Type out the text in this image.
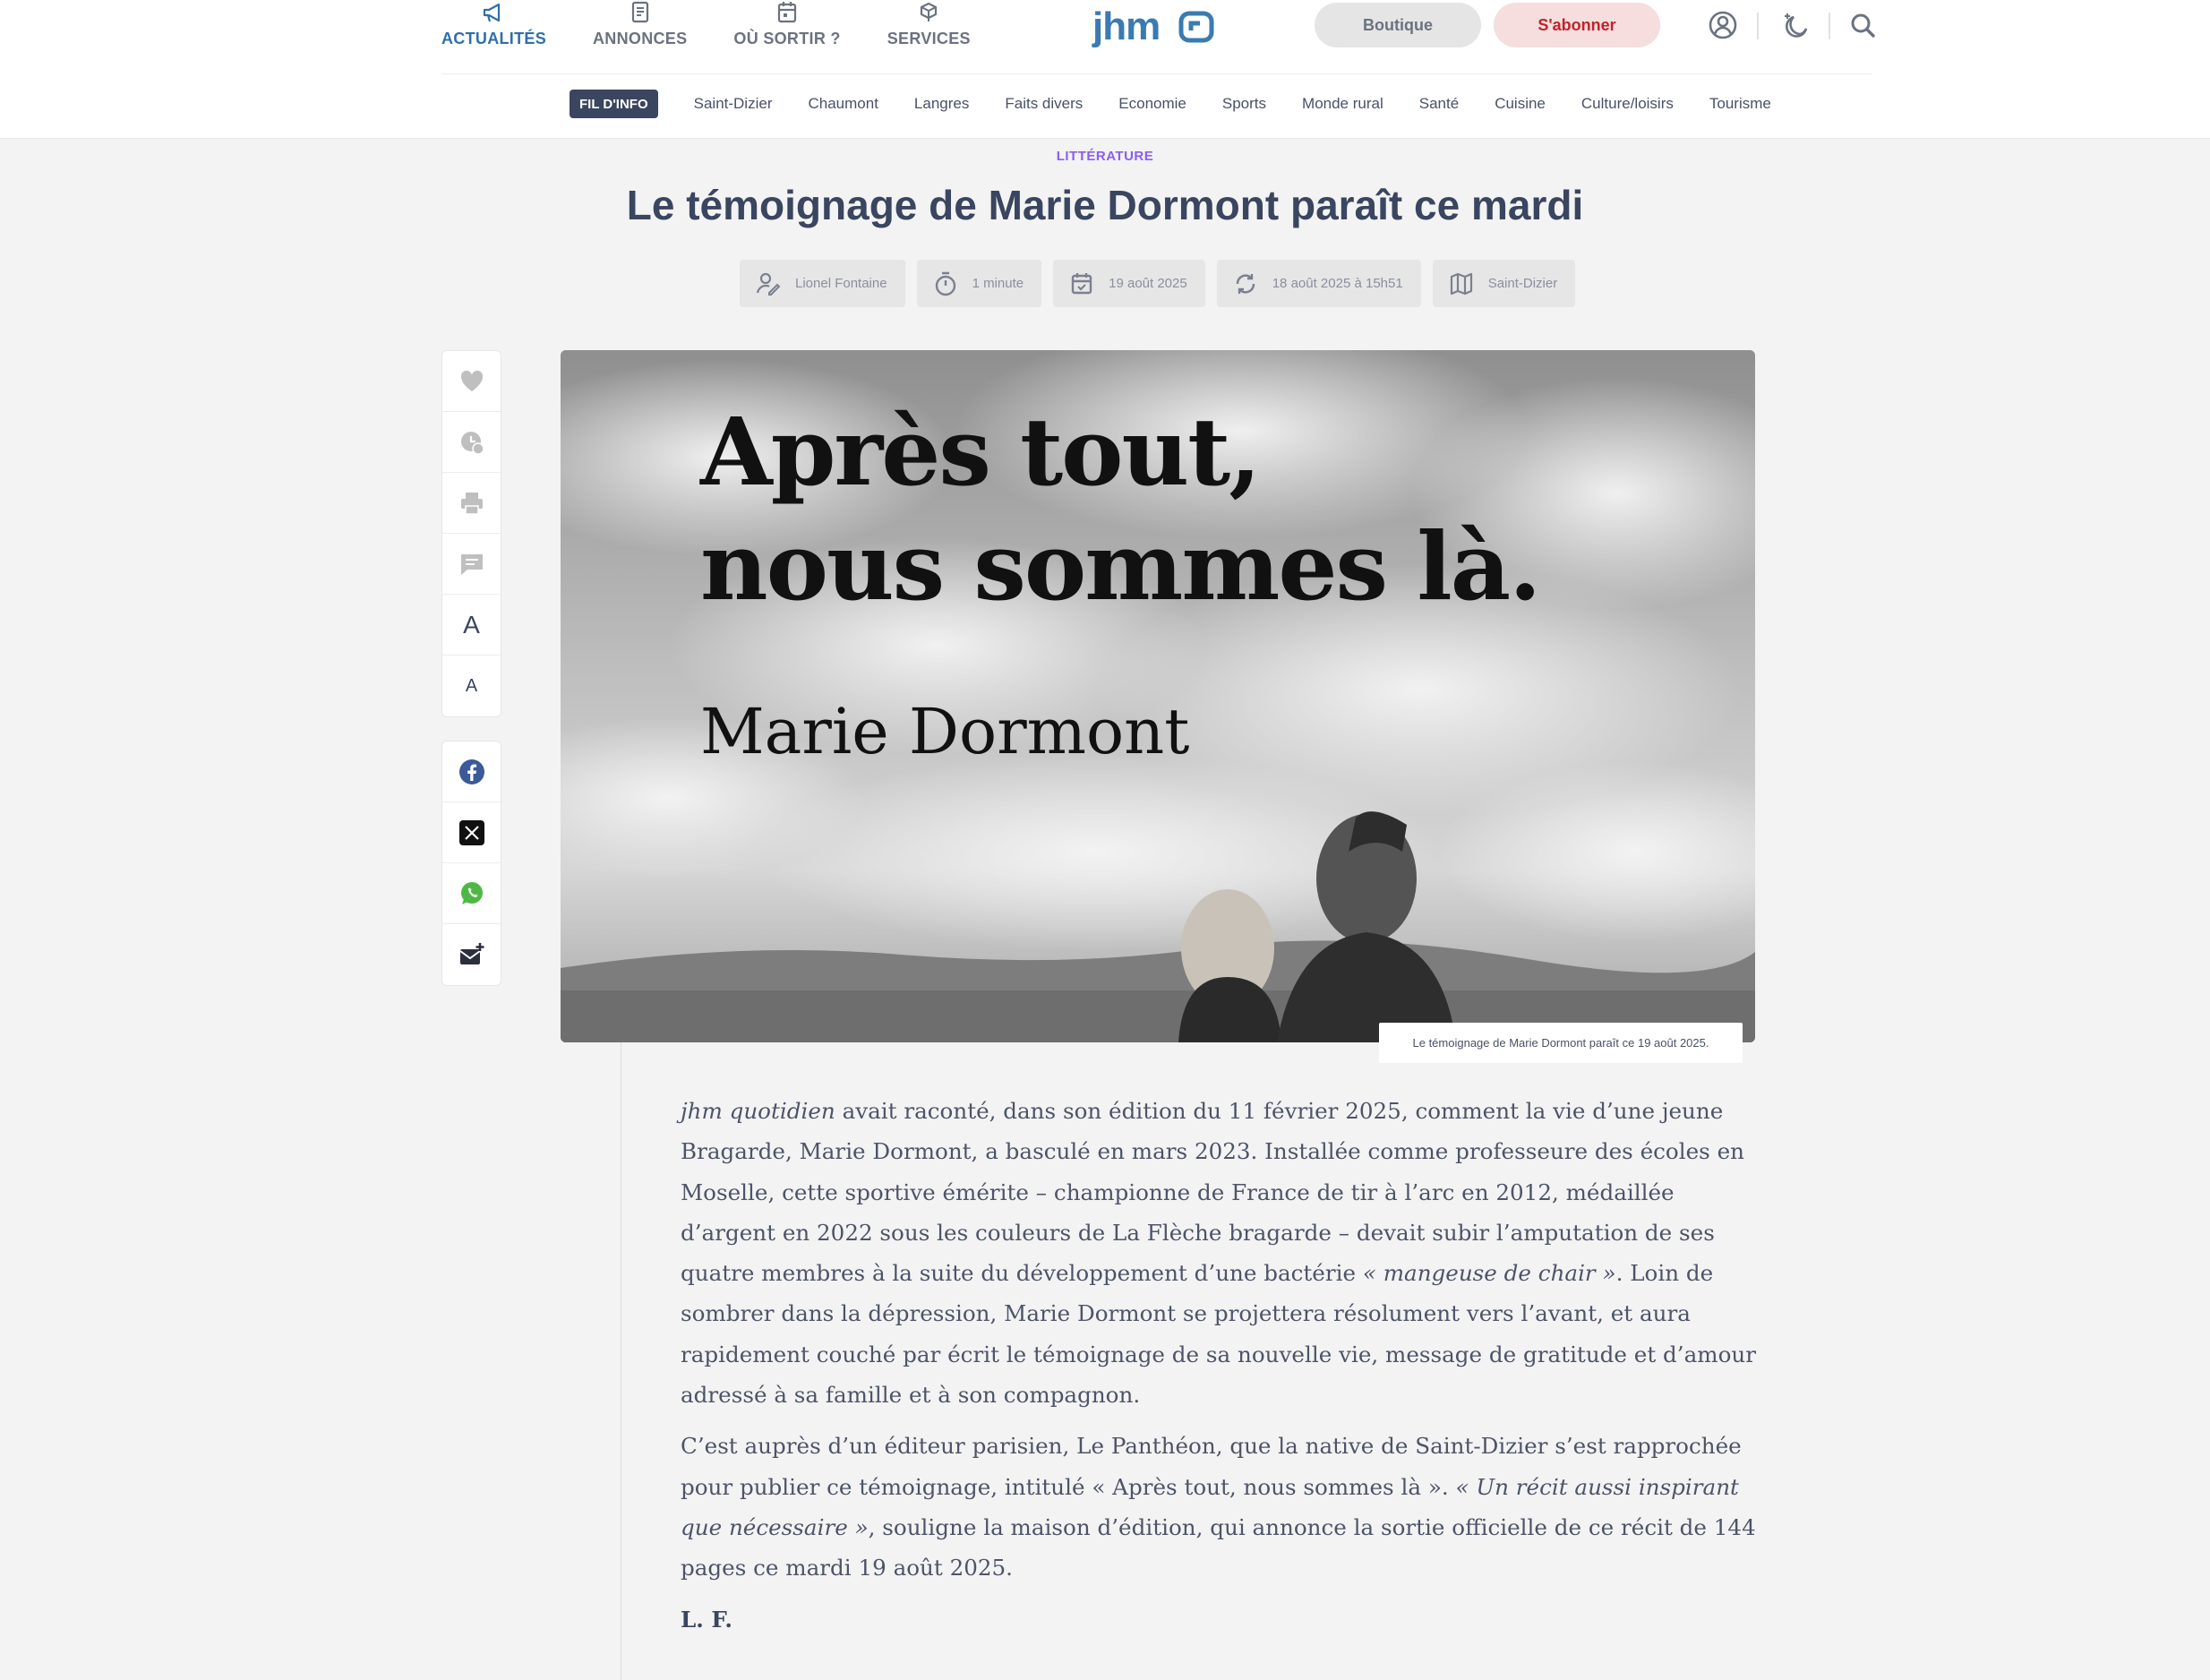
ACTUALITÉS	ANNONCES	OÙ SORTIR ?	SERVICES	jhm	Boutique	S'abonner
FIL D'INFO	Saint-Dizier Chaumont Langres Faits divers Economie Sports Monde rural Santé Cuisine Culture/loisirs Tourisme
LITTÉRATURE
Le témoignage de Marie Dormont paraît ce mardi
Lionel Fontaine	1 minute	19 août 2025	18 août 2025 à 15h51	Saint-Dizier
A
A
Après tout,
nous sommes là.
Marie Dormont
Le témoignage de Marie Dormont paraît ce 19 août 2025.

jhm quotidien avait raconté, dans son édition du 11 février 2025, comment la vie d’une jeune Bragarde, Marie Dormont, a basculé en mars 2023. Installée comme professeure des écoles en Moselle, cette sportive émérite – championne de France de tir à l’arc en 2012, médaillée d’argent en 2022 sous les couleurs de La Flèche bragarde – devait subir l’amputation de ses quatre membres à la suite du développement d’une bactérie « mangeuse de chair ». Loin de sombrer dans la dépression, Marie Dormont se projettera résolument vers l’avant, et aura rapidement couché par écrit le témoignage de sa nouvelle vie, message de gratitude et d’amour adressé à sa famille et à son compagnon.

C’est auprès d’un éditeur parisien, Le Panthéon, que la native de Saint-Dizier s’est rapprochée pour publier ce témoignage, intitulé « Après tout, nous sommes là ». « Un récit aussi inspirant que nécessaire », souligne la maison d’édition, qui annonce la sortie officielle de ce récit de 144 pages ce mardi 19 août 2025.

L. F.
